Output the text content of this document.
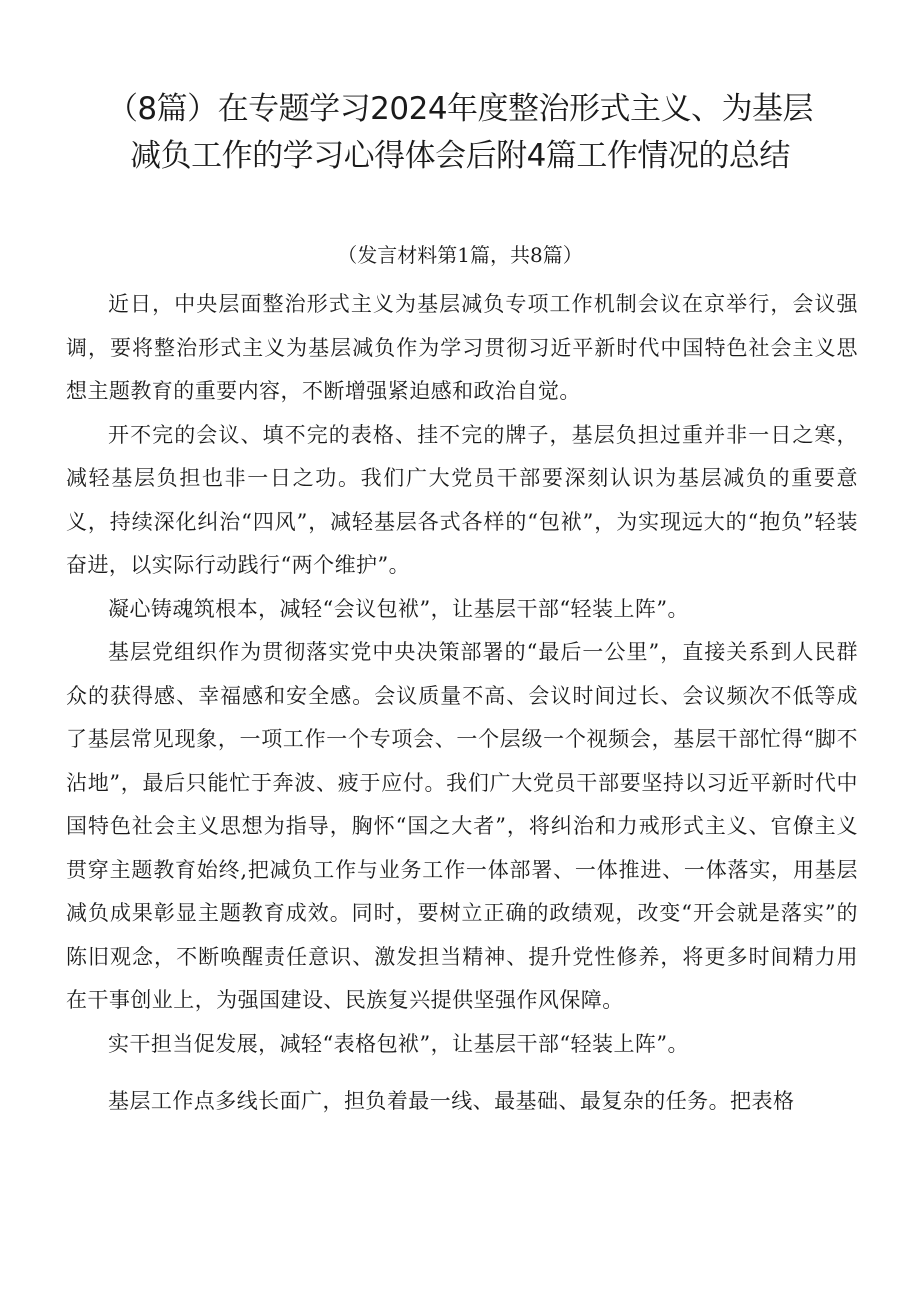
（8篇）在专题学习2024年度整治形式主义、为基层
减负工作的学习心得体会后附4篇工作情况的总结

（发言材料第1篇，共8篇）

近日，中央层面整治形式主义为基层减负专项工作机制会议在京举行，会议强调，要将整治形式主义为基层减负作为学习贯彻习近平新时代中国特色社会主义思想主题教育的重要内容，不断增强紧迫感和政治自觉。

开不完的会议、填不完的表格、挂不完的牌子，基层负担过重并非一日之寒，减轻基层负担也非一日之功。我们广大党员干部要深刻认识为基层减负的重要意义，持续深化纠治“四风”，减轻基层各式各样的“包袱”，为实现远大的“抱负”轻装奋进，以实际行动践行“两个维护”。

凝心铸魂筑根本，减轻“会议包袱”，让基层干部“轻装上阵”。

基层党组织作为贯彻落实党中央决策部署的“最后一公里”，直接关系到人民群众的获得感、幸福感和安全感。会议质量不高、会议时间过长、会议频次不低等成了基层常见现象，一项工作一个专项会、一个层级一个视频会，基层干部忙得“脚不沾地”，最后只能忙于奔波、疲于应付。我们广大党员干部要坚持以习近平新时代中国特色社会主义思想为指导，胸怀“国之大者”，将纠治和力戒形式主义、官僚主义贯穿主题教育始终,把减负工作与业务工作一体部署、一体推进、一体落实，用基层减负成果彰显主题教育成效。同时，要树立正确的政绩观，改变“开会就是落实”的陈旧观念，不断唤醒责任意识、激发担当精神、提升党性修养，将更多时间精力用在干事创业上，为强国建设、民族复兴提供坚强作风保障。

实干担当促发展，减轻“表格包袱”，让基层干部“轻装上阵”。

基层工作点多线长面广，担负着最一线、最基础、最复杂的任务。把表格
